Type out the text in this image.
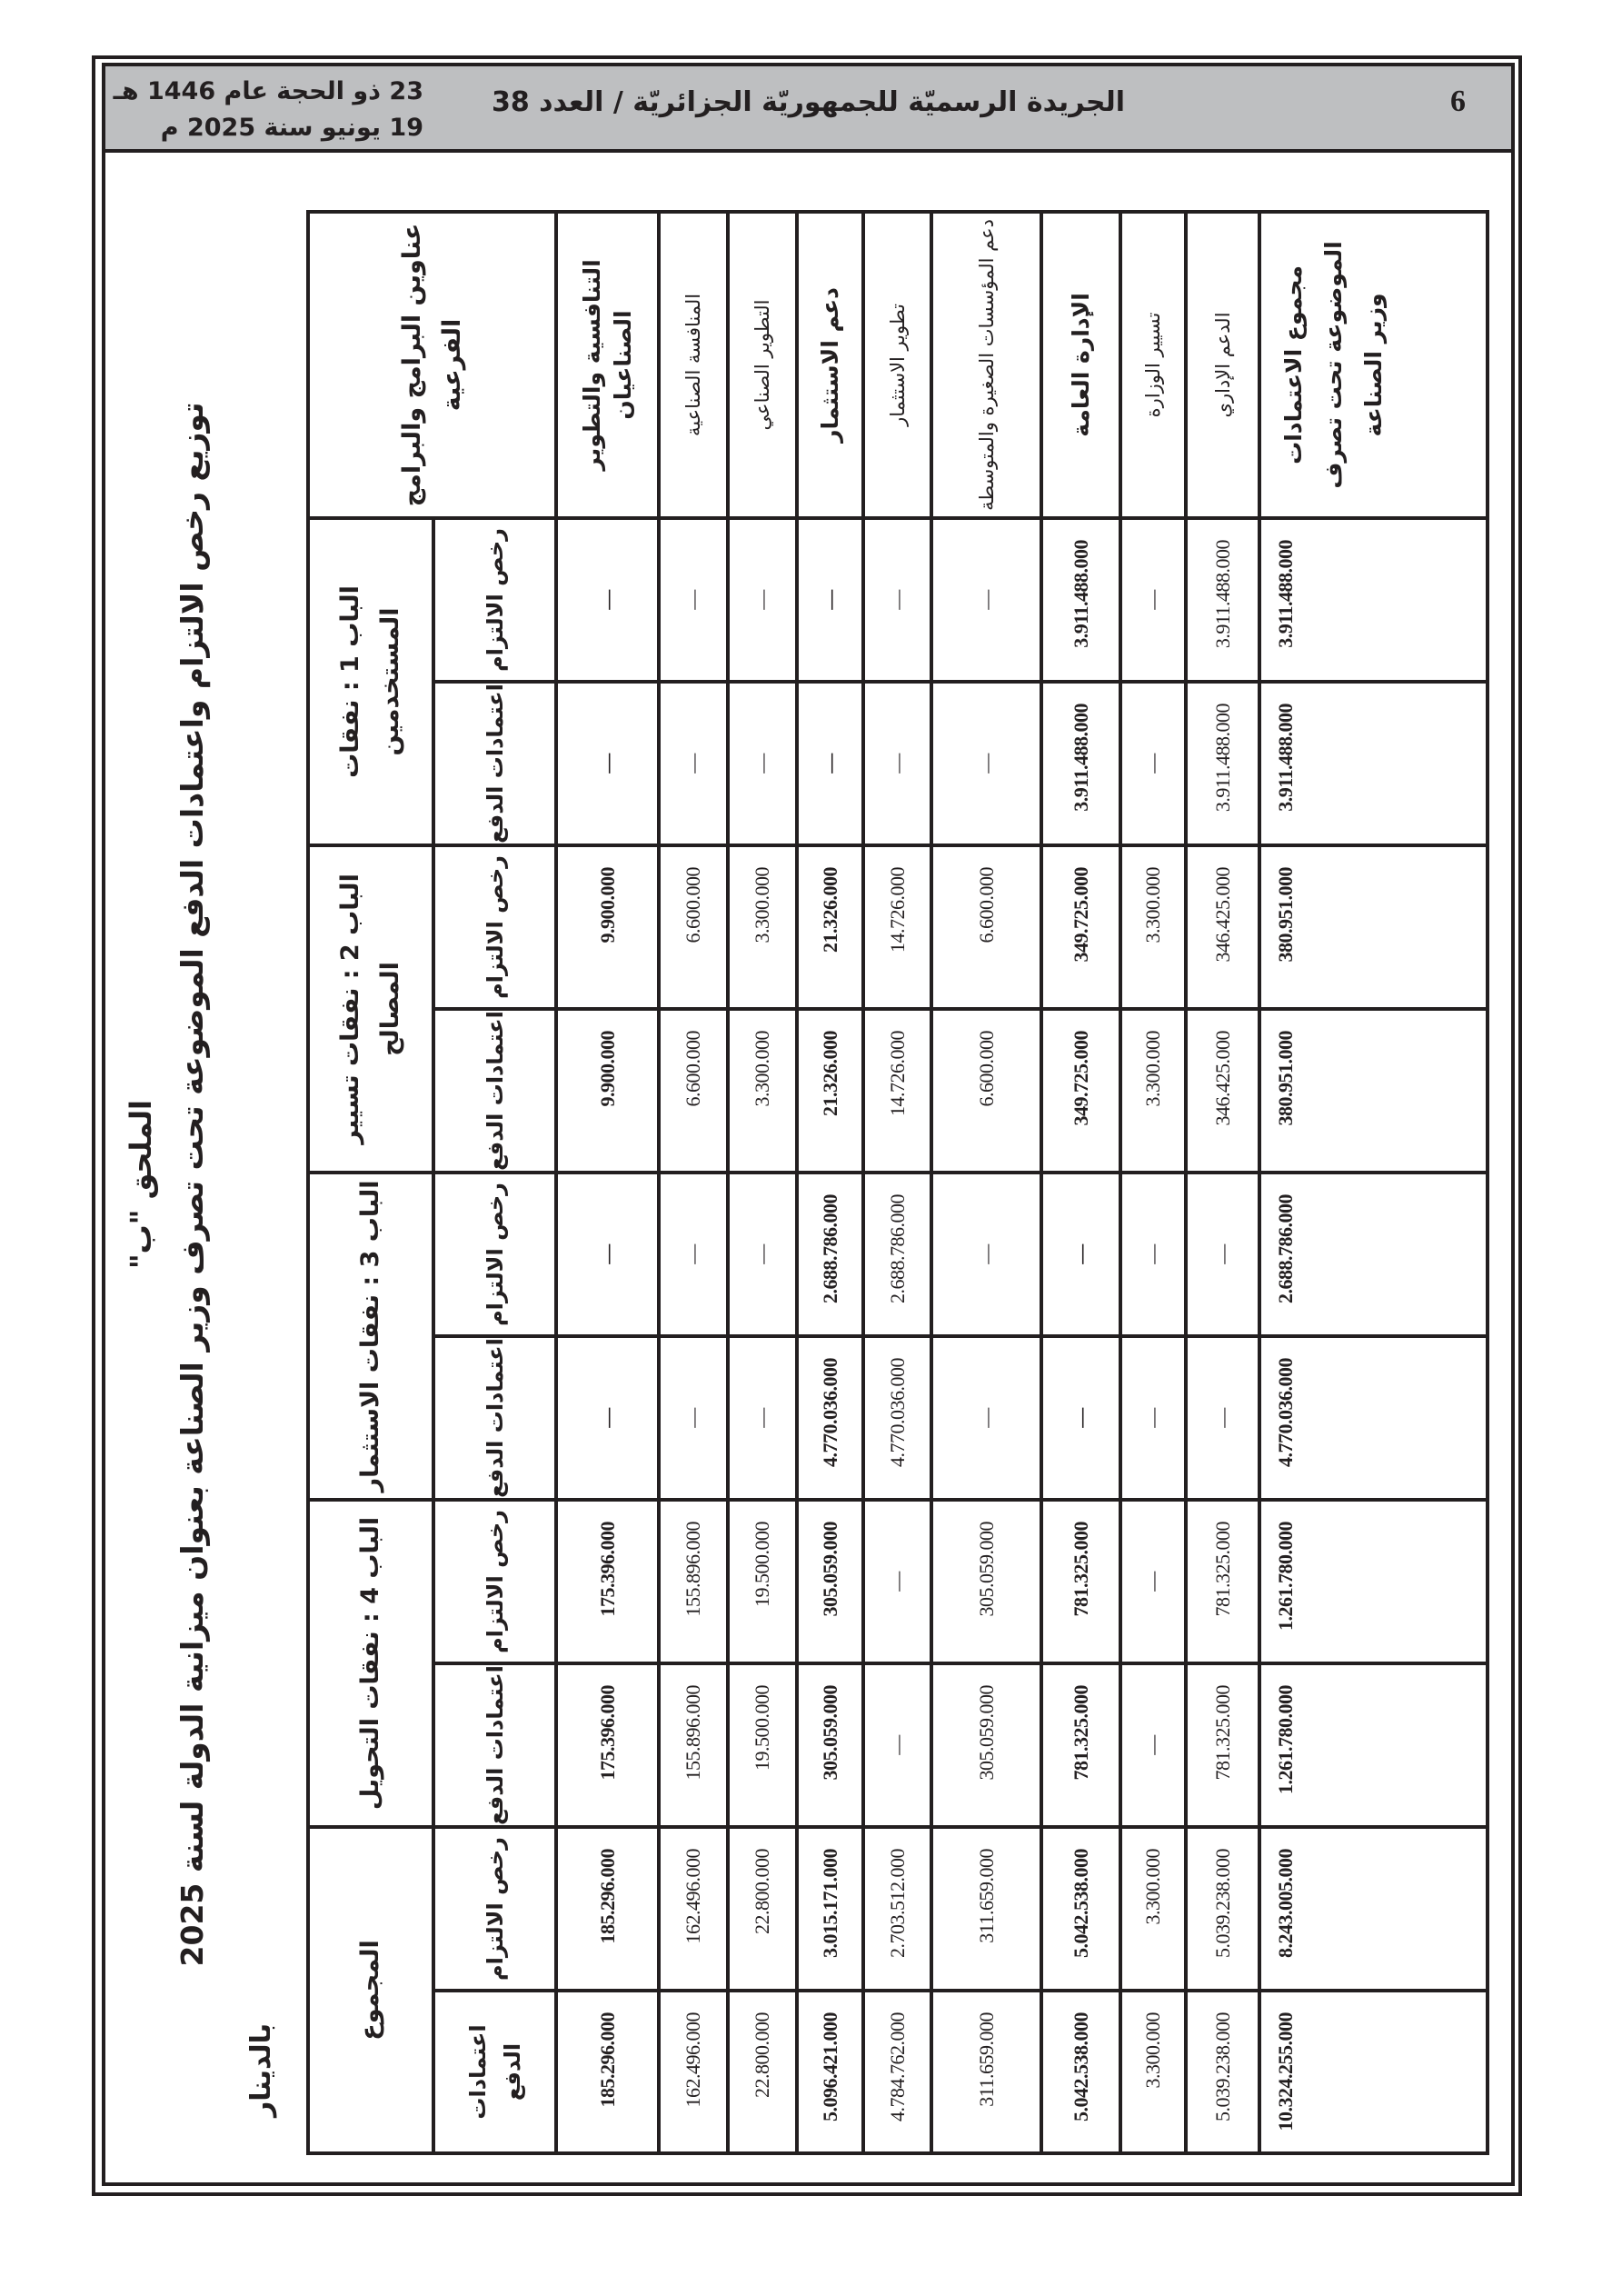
6
الجريدة الرسميّة للجمهوريّة الجزائريّة / العدد 38
23 ذو الحجة عام 1446 هـ
19 يونيو سنة 2025 م
الملحق "ب"
توزيع رخص الالتزام واعتمادات الدفع الموضوعة تحت تصرف وزير الصناعة بعنوان ميزانية الدولة لسنة 2025
بالدينار
عناوين البرامج والبرامج الفرعية	الباب 1 : نفقات المستخدمين		الباب 2 : نفقات تسيير المصالح		الباب 3 : نفقات الاستثمار		الباب 4 : نفقات التحويل		المجموع	
	رخص الالتزام	اعتمادات الدفع	رخص الالتزام	اعتمادات الدفع	رخص الالتزام	اعتمادات الدفع	رخص الالتزام	اعتمادات الدفع	رخص الالتزام	اعتمادات الدفع
التنافسية والتطوير الصناعيان	—	—	9.900.000	9.900.000	—	—	175.396.000	175.396.000	185.296.000	185.296.000
المنافسة الصناعية	—	—	6.600.000	6.600.000	—	—	155.896.000	155.896.000	162.496.000	162.496.000
التطوير الصناعي	—	—	3.300.000	3.300.000	—	—	19.500.000	19.500.000	22.800.000	22.800.000
دعم الاستثمار	—	—	21.326.000	21.326.000	2.688.786.000	4.770.036.000	305.059.000	305.059.000	3.015.171.000	5.096.421.000
تطوير الاستثمار	—	—	14.726.000	14.726.000	2.688.786.000	4.770.036.000	—	—	2.703.512.000	4.784.762.000
دعم المؤسسات الصغيرة والمتوسطة	—	—	6.600.000	6.600.000	—	—	305.059.000	305.059.000	311.659.000	311.659.000
الإدارة العامة	3.911.488.000	3.911.488.000	349.725.000	349.725.000	—	—	781.325.000	781.325.000	5.042.538.000	5.042.538.000
تسيير الوزارة	—	—	3.300.000	3.300.000	—	—	—	—	3.300.000	3.300.000
الدعم الإداري	3.911.488.000	3.911.488.000	346.425.000	346.425.000	—	—	781.325.000	781.325.000	5.039.238.000	5.039.238.000
مجموع الاعتمادات الموضوعة تحت تصرف وزير الصناعة	3.911.488.000	3.911.488.000	380.951.000	380.951.000	2.688.786.000	4.770.036.000	1.261.780.000	1.261.780.000	8.243.005.000	10.324.255.000
